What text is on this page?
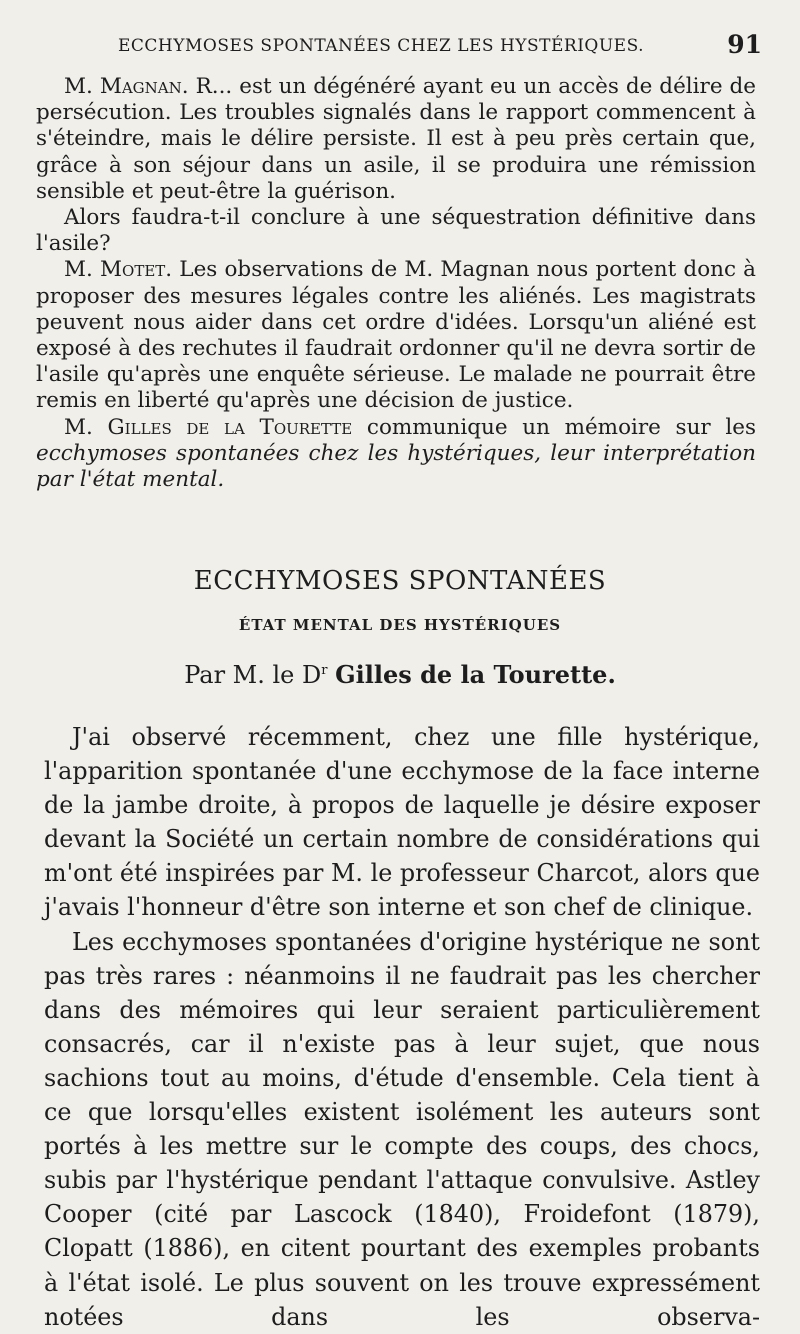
ECCHYMOSES SPONTANÉES CHEZ LES HYSTÉRIQUES.	91

M. Magnan. R... est un dégénéré ayant eu un accès de délire de persécution. Les troubles signalés dans le rapport commencent à s'éteindre, mais le délire persiste. Il est à peu près certain que, grâce à son séjour dans un asile, il se produira une rémission sensible et peut-être la guérison.

Alors faudra-t-il conclure à une séquestration définitive dans l'asile?

M. Motet. Les observations de M. Magnan nous portent donc à proposer des mesures légales contre les aliénés. Les magistrats peuvent nous aider dans cet ordre d'idées. Lorsqu'un aliéné est exposé à des rechutes il faudrait ordonner qu'il ne devra sortir de l'asile qu'après une enquête sérieuse. Le malade ne pourrait être remis en liberté qu'après une décision de justice.

M. Gilles de la Tourette communique un mémoire sur les ecchymoses spontanées chez les hystériques, leur interprétation par l'état mental.

ECCHYMOSES SPONTANÉES
ÉTAT MENTAL DES HYSTÉRIQUES
Par M. le $D^r$ Gilles de la Tourette.

J'ai observé récemment, chez une fille hystérique, l'apparition spontanée d'une ecchymose de la face interne de la jambe droite, à propos de laquelle je désire exposer devant la Société un certain nombre de considérations qui m'ont été inspirées par M. le professeur Charcot, alors que j'avais l'honneur d'être son interne et son chef de clinique.

Les ecchymoses spontanées d'origine hystérique ne sont pas très rares : néanmoins il ne faudrait pas les chercher dans des mémoires qui leur seraient particulièrement consacrés, car il n'existe pas à leur sujet, que nous sachions tout au moins, d'étude d'ensemble. Cela tient à ce que lorsqu'elles existent isolément les auteurs sont portés à les mettre sur le compte des coups, des chocs, subis par l'hystérique pendant l'attaque convulsive. Astley Cooper (cité par Lascock (1840), Froidefont (1879), Clopatt (1886), en citent pourtant des exemples probants à l'état isolé. Le plus souvent on les trouve expressément notées dans les observa-
